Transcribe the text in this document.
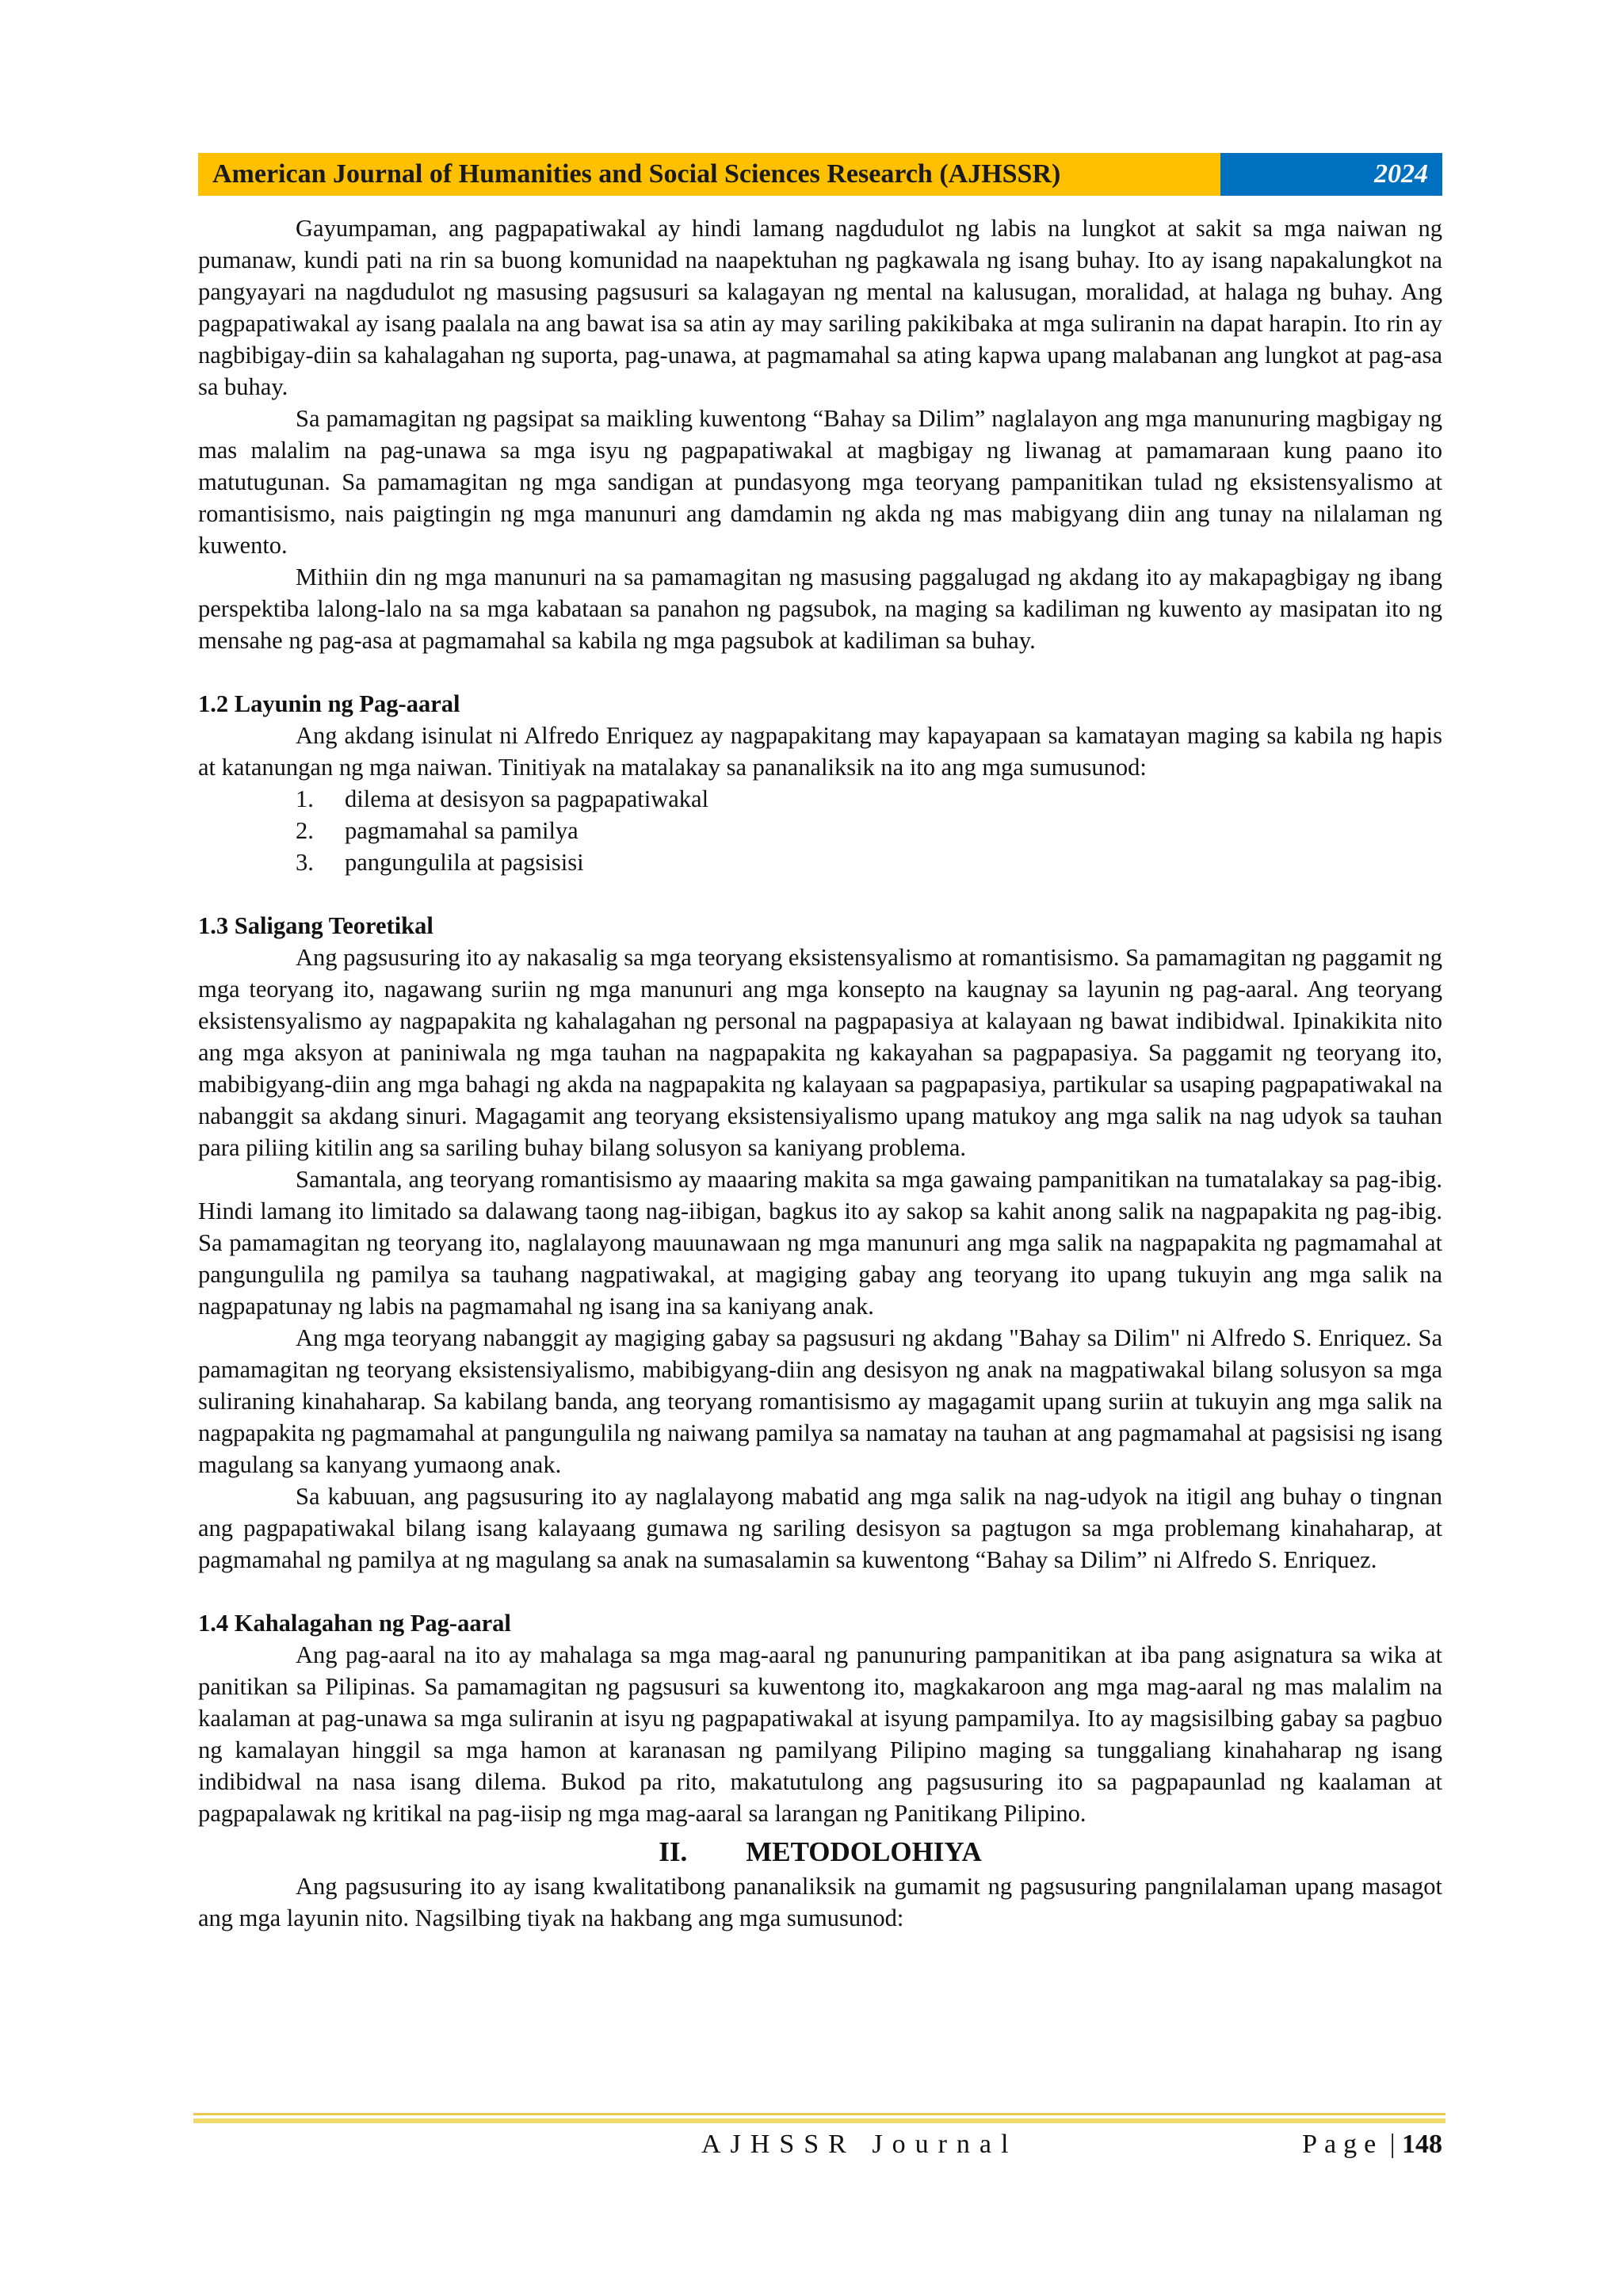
American Journal of Humanities and Social Sciences Research (AJHSSR)	2024

Gayumpaman, ang pagpapatiwakal ay hindi lamang nagdudulot ng labis na lungkot at sakit sa mga naiwan ng pumanaw, kundi pati na rin sa buong komunidad na naapektuhan ng pagkawala ng isang buhay. Ito ay isang napakalungkot na pangyayari na nagdudulot ng masusing pagsusuri sa kalagayan ng mental na kalusugan, moralidad, at halaga ng buhay. Ang pagpapatiwakal ay isang paalala na ang bawat isa sa atin ay may sariling pakikibaka at mga suliranin na dapat harapin. Ito rin ay nagbibigay-diin sa kahalagahan ng suporta, pag-unawa, at pagmamahal sa ating kapwa upang malabanan ang lungkot at pag-asa sa buhay.

Sa pamamagitan ng pagsipat sa maikling kuwentong “Bahay sa Dilim” naglalayon ang mga manunuring magbigay ng mas malalim na pag-unawa sa mga isyu ng pagpapatiwakal at magbigay ng liwanag at pamamaraan kung paano ito matutugunan. Sa pamamagitan ng mga sandigan at pundasyong mga teoryang pampanitikan tulad ng eksistensyalismo at romantisismo, nais paigtingin ng mga manunuri ang damdamin ng akda ng mas mabigyang diin ang tunay na nilalaman ng kuwento.

Mithiin din ng mga manunuri na sa pamamagitan ng masusing paggalugad ng akdang ito ay makapagbigay ng ibang perspektiba lalong-lalo na sa mga kabataan sa panahon ng pagsubok, na maging sa kadiliman ng kuwento ay masipatan ito ng mensahe ng pag-asa at pagmamahal sa kabila ng mga pagsubok at kadiliman sa buhay.

1.2 Layunin ng Pag-aaral

Ang akdang isinulat ni Alfredo Enriquez ay nagpapakitang may kapayapaan sa kamatayan maging sa kabila ng hapis at katanungan ng mga naiwan. Tinitiyak na matalakay sa pananaliksik na ito ang mga sumusunod:

1.	dilema at desisyon sa pagpapatiwakal
2.	pagmamahal sa pamilya
3.	pangungulila at pagsisisi
1.3 Saligang Teoretikal

Ang pagsusuring ito ay nakasalig sa mga teoryang eksistensyalismo at romantisismo. Sa pamamagitan ng paggamit ng mga teoryang ito, nagawang suriin ng mga manunuri ang mga konsepto na kaugnay sa layunin ng pag-aaral. Ang teoryang eksistensyalismo ay nagpapakita ng kahalagahan ng personal na pagpapasiya at kalayaan ng bawat indibidwal. Ipinakikita nito ang mga aksyon at paniniwala ng mga tauhan na nagpapakita ng kakayahan sa pagpapasiya. Sa paggamit ng teoryang ito, mabibigyang-diin ang mga bahagi ng akda na nagpapakita ng kalayaan sa pagpapasiya, partikular sa usaping pagpapatiwakal na nabanggit sa akdang sinuri. Magagamit ang teoryang eksistensiyalismo upang matukoy ang mga salik na nag udyok sa tauhan para piliing kitilin ang sa sariling buhay bilang solusyon sa kaniyang problema.

Samantala, ang teoryang romantisismo ay maaaring makita sa mga gawaing pampanitikan na tumatalakay sa pag-ibig. Hindi lamang ito limitado sa dalawang taong nag-iibigan, bagkus ito ay sakop sa kahit anong salik na nagpapakita ng pag-ibig. Sa pamamagitan ng teoryang ito, naglalayong mauunawaan ng mga manunuri ang mga salik na nagpapakita ng pagmamahal at pangungulila ng pamilya sa tauhang nagpatiwakal, at magiging gabay ang teoryang ito upang tukuyin ang mga salik na nagpapatunay ng labis na pagmamahal ng isang ina sa kaniyang anak.

Ang mga teoryang nabanggit ay magiging gabay sa pagsusuri ng akdang "Bahay sa Dilim" ni Alfredo S. Enriquez. Sa pamamagitan ng teoryang eksistensiyalismo, mabibigyang-diin ang desisyon ng anak na magpatiwakal bilang solusyon sa mga suliraning kinahaharap. Sa kabilang banda, ang teoryang romantisismo ay magagamit upang suriin at tukuyin ang mga salik na nagpapakita ng pagmamahal at pangungulila ng naiwang pamilya sa namatay na tauhan at ang pagmamahal at pagsisisi ng isang magulang sa kanyang yumaong anak.

Sa kabuuan, ang pagsusuring ito ay naglalayong mabatid ang mga salik na nag-udyok na itigil ang buhay o tingnan ang pagpapatiwakal bilang isang kalayaang gumawa ng sariling desisyon sa pagtugon sa mga problemang kinahaharap, at pagmamahal ng pamilya at ng magulang sa anak na sumasalamin sa kuwentong “Bahay sa Dilim” ni Alfredo S. Enriquez.

1.4 Kahalagahan ng Pag-aaral

Ang pag-aaral na ito ay mahalaga sa mga mag-aaral ng panunuring pampanitikan at iba pang asignatura sa wika at panitikan sa Pilipinas. Sa pamamagitan ng pagsusuri sa kuwentong ito, magkakaroon ang mga mag-aaral ng mas malalim na kaalaman at pag-unawa sa mga suliranin at isyu ng pagpapatiwakal at isyung pampamilya. Ito ay magsisilbing gabay sa pagbuo ng kamalayan hinggil sa mga hamon at karanasan ng pamilyang Pilipino maging sa tunggaliang kinahaharap ng isang indibidwal na nasa isang dilema. Bukod pa rito, makatutulong ang pagsusuring ito sa pagpapaunlad ng kaalaman at pagpapalawak ng kritikal na pag-iisip ng mga mag-aaral sa larangan ng Panitikang Pilipino.

II. METODOLOHIYA

Ang pagsusuring ito ay isang kwalitatibong pananaliksik na gumamit ng pagsusuring pangnilalaman upang masagot ang mga layunin nito. Nagsilbing tiyak na hakbang ang mga sumusunod:

AJHSSR Journal	Page | 148
